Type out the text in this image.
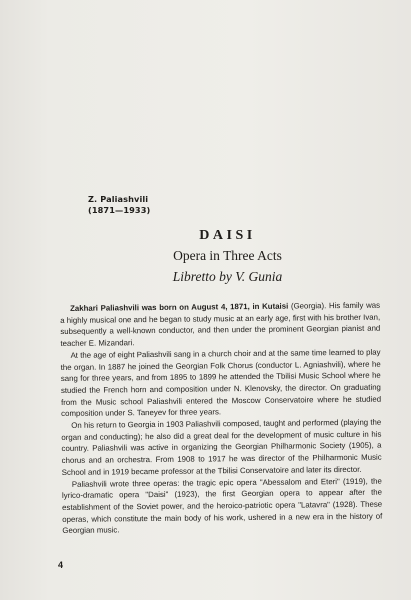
Z. Paliashvili
(1871—1933)
DAISI
Opera in Three Acts
Libretto by V. Gunia

Zakhari Paliashvili was born on August 4, 1871, in Kutaisi (Georgia). His family was a highly musical one and he began to study music at an early age, first with his brother Ivan, subsequently a well-known conductor, and then under the prominent Georgian pianist and teacher E. Mizandari.

At the age of eight Paliashvili sang in a church choir and at the same time learned to play the organ. In 1887 he joined the Georgian Folk Chorus (conductor L. Agniashvili), where he sang for three years, and from 1895 to 1899 he attended the Tbilisi Music School where he studied the French horn and composition under N. Klenovsky, the director. On graduating from the Music school Paliashvili entered the Moscow Conservatoire where he studied composition under S. Taneyev for three years.

On his return to Georgia in 1903 Paliashvili composed, taught and performed (playing the organ and conducting); he also did a great deal for the development of music culture in his country. Paliashvili was active in organizing the Georgian Philharmonic Society (1905), a chorus and an orchestra. From 1908 to 1917 he was director of the Philharmonic Music School and in 1919 became professor at the Tbilisi Conservatoire and later its director.

Paliashvili wrote three operas: the tragic epic opera "Abessalom and Eteri" (1919), the lyrico-dramatic opera "Daisi" (1923), the first Georgian opera to appear after the establishment of the Soviet power, and the heroico-patriotic opera "Latavra" (1928). These operas, which constitute the main body of his work, ushered in a new era in the history of Georgian music.

4
